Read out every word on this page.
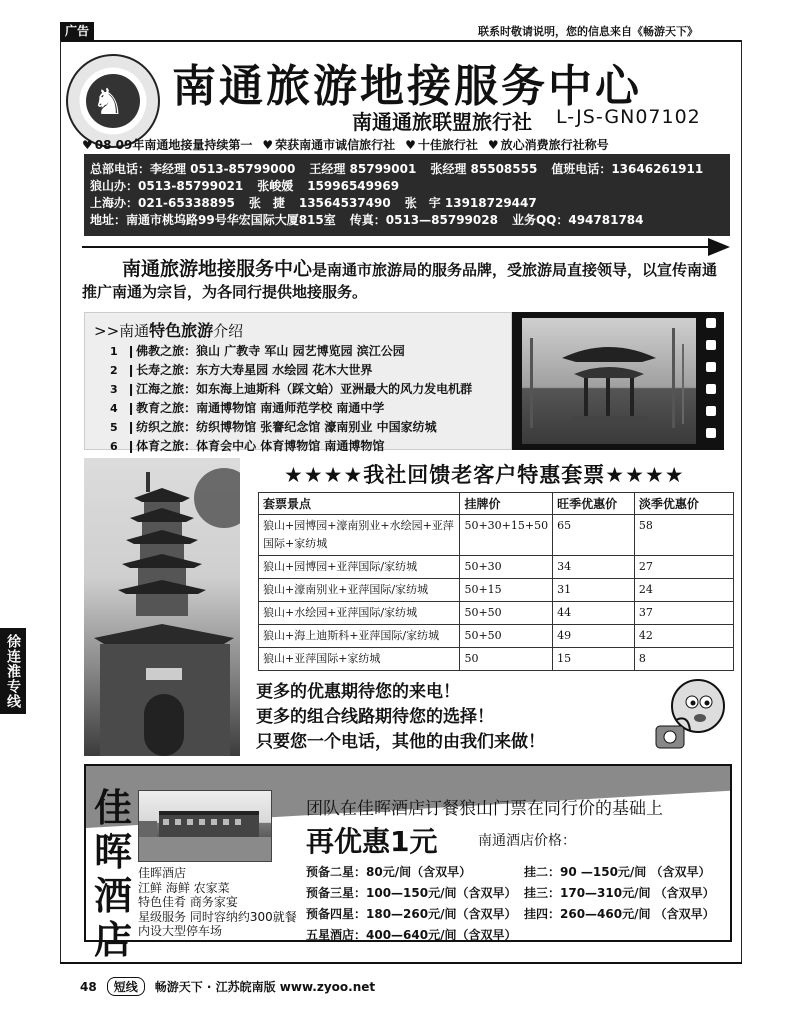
广告	联系时敬请说明，您的信息来自《畅游天下》
♞ 南通旅游地接服务中心
南通通旅联盟旅行社 L-JS-GN07102
♥ 08 09年南通地接量持续第一 ♥ 荣获南通市诚信旅行社 ♥ 十佳旅行社 ♥ 放心消费旅行社称号
总部电话：李经理 0513-85799000 王经理 85799001 张经理 85508555 值班电话：13646261911
狼山办：0513-85799021 张峻媛 15996549969
上海办：021-65338895 张　捷 13564537490 张　宇 13918729447
地址：南通市桃坞路99号华宏国际大厦815室 传真：0513—85799028 业务QQ：494781784
南通旅游地接服务中心是南通市旅游局的服务品牌，受旅游局直接领导，以宣传南通推广南通为宗旨，为各同行提供地接服务。
>>南通特色旅游介绍
1 ❙佛教之旅：狼山 广教寺 军山 园艺博览园 滨江公园
2 ❙长寿之旅：东方大寿星园 水绘园 花木大世界
3 ❙江海之旅：如东海上迪斯科（踩文蛤）亚洲最大的风力发电机群
4 ❙教育之旅：南通博物馆 南通师范学校 南通中学
5 ❙纺织之旅：纺织博物馆 张謇纪念馆 濠南别业 中国家纺城
6 ❙体育之旅：体育会中心 体育博物馆 南通博物馆
★★★★我社回馈老客户特惠套票★★★★
套票景点	挂牌价	旺季优惠价	淡季优惠价
狼山+园博园+濠南别业+水绘园+亚萍国际+家纺城	50+30+15+50	65	58
狼山+园博园+亚萍国际/家纺城	50+30	34	27
狼山+濠南别业+亚萍国际/家纺城	50+15	31	24
狼山+水绘园+亚萍国际/家纺城	50+50	44	37
狼山+海上迪斯科+亚萍国际/家纺城	50+50	49	42
狼山+亚萍国际+家纺城	50	15	8
更多的优惠期待您的来电！
更多的组合线路期待您的选择！
只要您一个电话，其他的由我们来做！
佳晖酒店
佳晖酒店
江鲜 海鲜 农家菜
特色佳肴 商务家宴
星级服务 同时容纳约300就餐
内设大型停车场
团队在佳晖酒店订餐狼山门票在同行价的基础上
再优惠1元	南通酒店价格：
预备二星：80元/间（含双早）
预备三星：100—150元/间（含双早）
预备四星：180—260元/间（含双早）
五星酒店：400—640元/间（含双早）
挂二：90 —150元/间 （含双早）
挂三：170—310元/间 （含双早）
挂四：260—460元/间 （含双早）
徐连淮专线
48	短线	畅游天下 · 江苏皖南版 www.zyoo.net
